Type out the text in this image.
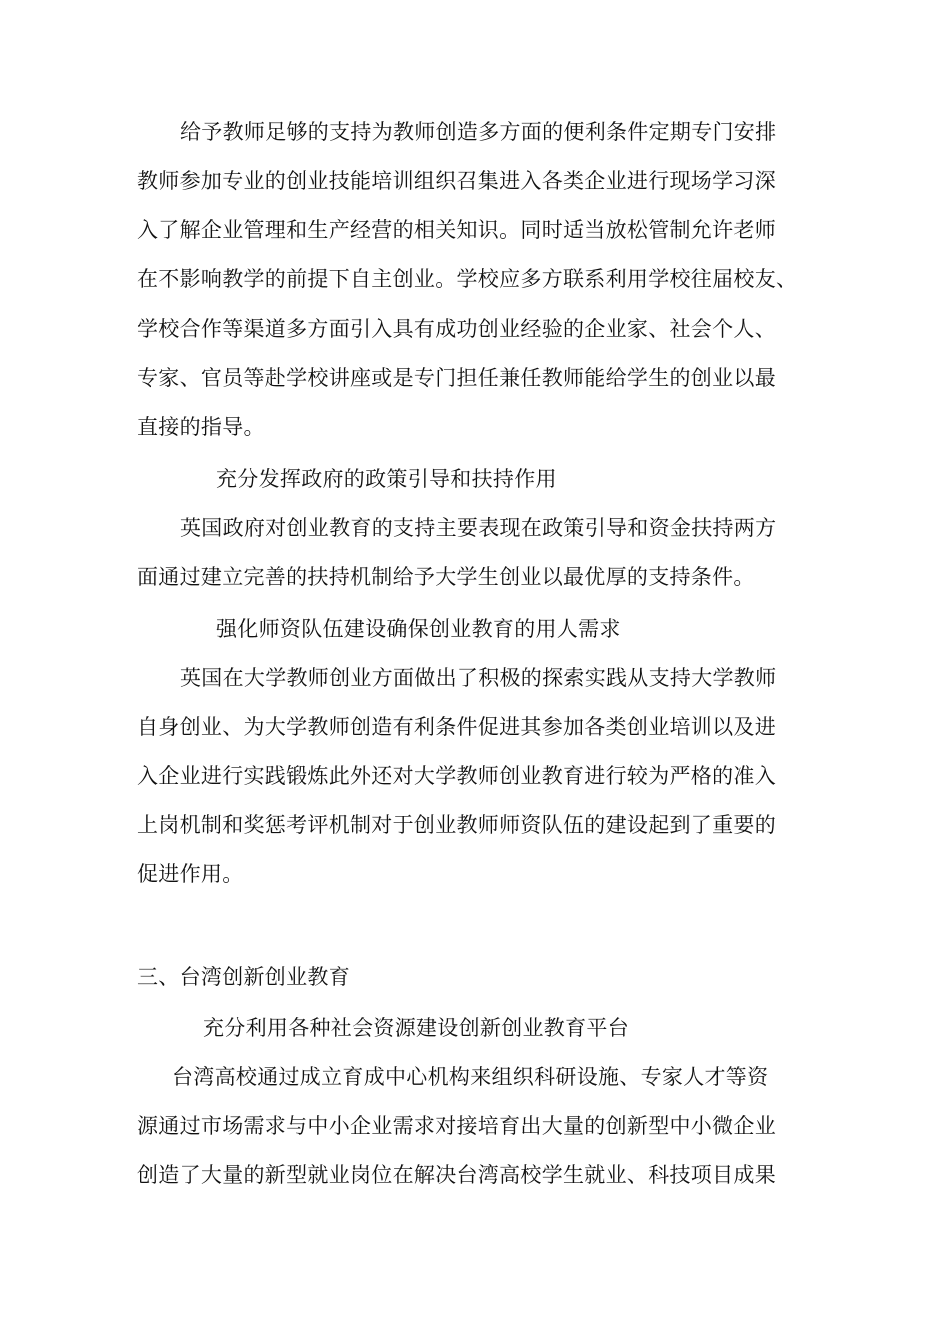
给予教师足够的支持为教师创造多方面的便利条件定期专门安排
教师参加专业的创业技能培训组织召集进入各类企业进行现场学习深
入了解企业管理和生产经营的相关知识。同时适当放松管制允许老师
在不影响教学的前提下自主创业。学校应多方联系利用学校往届校友、
学校合作等渠道多方面引入具有成功创业经验的企业家、社会个人、
专家、官员等赴学校讲座或是专门担任兼任教师能给学生的创业以最
直接的指导。
充分发挥政府的政策引导和扶持作用
英国政府对创业教育的支持主要表现在政策引导和资金扶持两方
面通过建立完善的扶持机制给予大学生创业以最优厚的支持条件。
强化师资队伍建设确保创业教育的用人需求
英国在大学教师创业方面做出了积极的探索实践从支持大学教师
自身创业、为大学教师创造有利条件促进其参加各类创业培训以及进
入企业进行实践锻炼此外还对大学教师创业教育进行较为严格的准入
上岗机制和奖惩考评机制对于创业教师师资队伍的建设起到了重要的
促进作用。
三、台湾创新创业教育
充分利用各种社会资源建设创新创业教育平台
台湾高校通过成立育成中心机构来组织科研设施、专家人才等资
源通过市场需求与中小企业需求对接培育出大量的创新型中小微企业
创造了大量的新型就业岗位在解决台湾高校学生就业、科技项目成果
